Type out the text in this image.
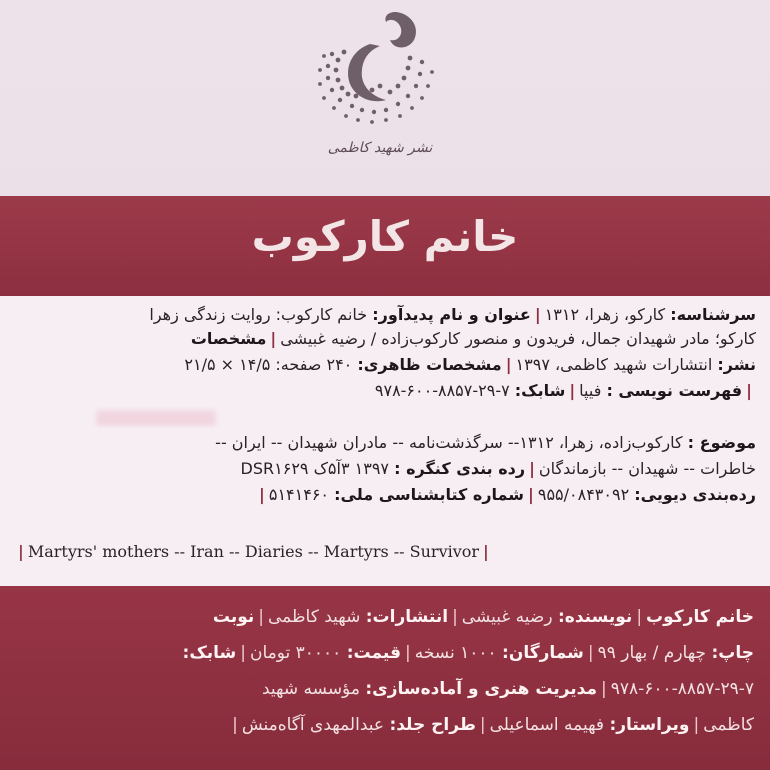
نشر شهید کاظمی
خانم کارکوب
سرشناسه: کارکو، زهرا، ۱۳۱۲|عنوان و نام پدیدآور: خانم کارکوب: روایت زندگی زهرا
کارکو؛ مادر شهیدان جمال، فریدون و منصور کارکوب‌زاده / رضیه غبیشی|مشخصات
نشر: انتشارات شهید کاظمی، ۱۳۹۷|مشخصات ظاهری: ۲۴۰ صفحه: ۱۴/۵ × ۲۱/۵
|فهرست نویسی : فیپا|شابک: ۹۷۸-۶۰۰-۸۸۵۷-۲۹-۷
موضوع : کارکوب‌زاده، زهرا، ۱۳۱۲-- سرگذشت‌نامه -- مادران شهیدان -- ایران --
خاطرات -- شهیدان -- بازماندگان|رده بندی کنگره : ۱۳۹۷ ۳آ۵ک DSR۱۶۲۹
رده‌بندی دیویی: ۹۵۵/۰۸۴۳۰۹۲|شماره کتابشناسی ملی: ۵۱۴۱۴۶۰|
| Martyrs' mothers -- Iran -- Diaries -- Martyrs -- Survivor |
خانم کارکوب|نویسنده: رضیه غبیشی|انتشارات: شهید کاظمی|نوبت
چاپ: چهارم / بهار ۹۹|شمارگان: ۱۰۰۰ نسخه|قیمت: ۳۰۰۰۰ تومان|شابک:
۹۷۸-۶۰۰-۸۸۵۷-۲۹-۷|مدیریت هنری و آماده‌سازی: مؤسسه شهید
کاظمی|ویراستار: فهیمه اسماعیلی|طراح جلد: عبدالمهدی آگاه‌منش|
